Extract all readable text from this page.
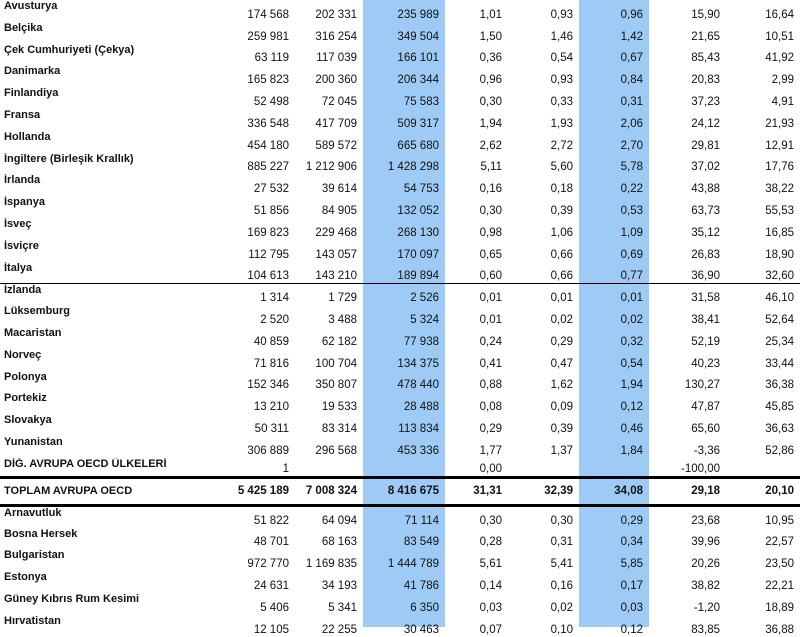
Avusturya	174 568	202 331	235 989	1,01	0,93	0,96	15,90	16,64
Belçika	259 981	316 254	349 504	1,50	1,46	1,42	21,65	10,51
Çek Cumhuriyeti (Çekya)	63 119	117 039	166 101	0,36	0,54	0,67	85,43	41,92
Danimarka	165 823	200 360	206 344	0,96	0,93	0,84	20,83	2,99
Finlandiya	52 498	72 045	75 583	0,30	0,33	0,31	37,23	4,91
Fransa	336 548	417 709	509 317	1,94	1,93	2,06	24,12	21,93
Hollanda	454 180	589 572	665 680	2,62	2,72	2,70	29,81	12,91
İngiltere (Birleşik Krallık)	885 227	1 212 906	1 428 298	5,11	5,60	5,78	37,02	17,76
İrlanda	27 532	39 614	54 753	0,16	0,18	0,22	43,88	38,22
İspanya	51 856	84 905	132 052	0,30	0,39	0,53	63,73	55,53
İsveç	169 823	229 468	268 130	0,98	1,06	1,09	35,12	16,85
İsviçre	112 795	143 057	170 097	0,65	0,66	0,69	26,83	18,90
İtalya	104 613	143 210	189 894	0,60	0,66	0,77	36,90	32,60
İzlanda	1 314	1 729	2 526	0,01	0,01	0,01	31,58	46,10
Lüksemburg	2 520	3 488	5 324	0,01	0,02	0,02	38,41	52,64
Macaristan	40 859	62 182	77 938	0,24	0,29	0,32	52,19	25,34
Norveç	71 816	100 704	134 375	0,41	0,47	0,54	40,23	33,44
Polonya	152 346	350 807	478 440	0,88	1,62	1,94	130,27	36,38
Portekiz	13 210	19 533	28 488	0,08	0,09	0,12	47,87	45,85
Slovakya	50 311	83 314	113 834	0,29	0,39	0,46	65,60	36,63
Yunanistan	306 889	296 568	453 336	1,77	1,37	1,84	-3,36	52,86
DİĞ. AVRUPA OECD ÜLKELERİ	1			0,00			-100,00	
TOPLAM AVRUPA OECD	5 425 189	7 008 324	8 416 675	31,31	32,39	34,08	29,18	20,10
Arnavutluk	51 822	64 094	71 114	0,30	0,30	0,29	23,68	10,95
Bosna Hersek	48 701	68 163	83 549	0,28	0,31	0,34	39,96	22,57
Bulgaristan	972 770	1 169 835	1 444 789	5,61	5,41	5,85	20,26	23,50
Estonya	24 631	34 193	41 786	0,14	0,16	0,17	38,82	22,21
Güney Kıbrıs Rum Kesimi	5 406	5 341	6 350	0,03	0,02	0,03	-1,20	18,89
Hırvatistan	12 105	22 255	30 463	0,07	0,10	0,12	83,85	36,88
